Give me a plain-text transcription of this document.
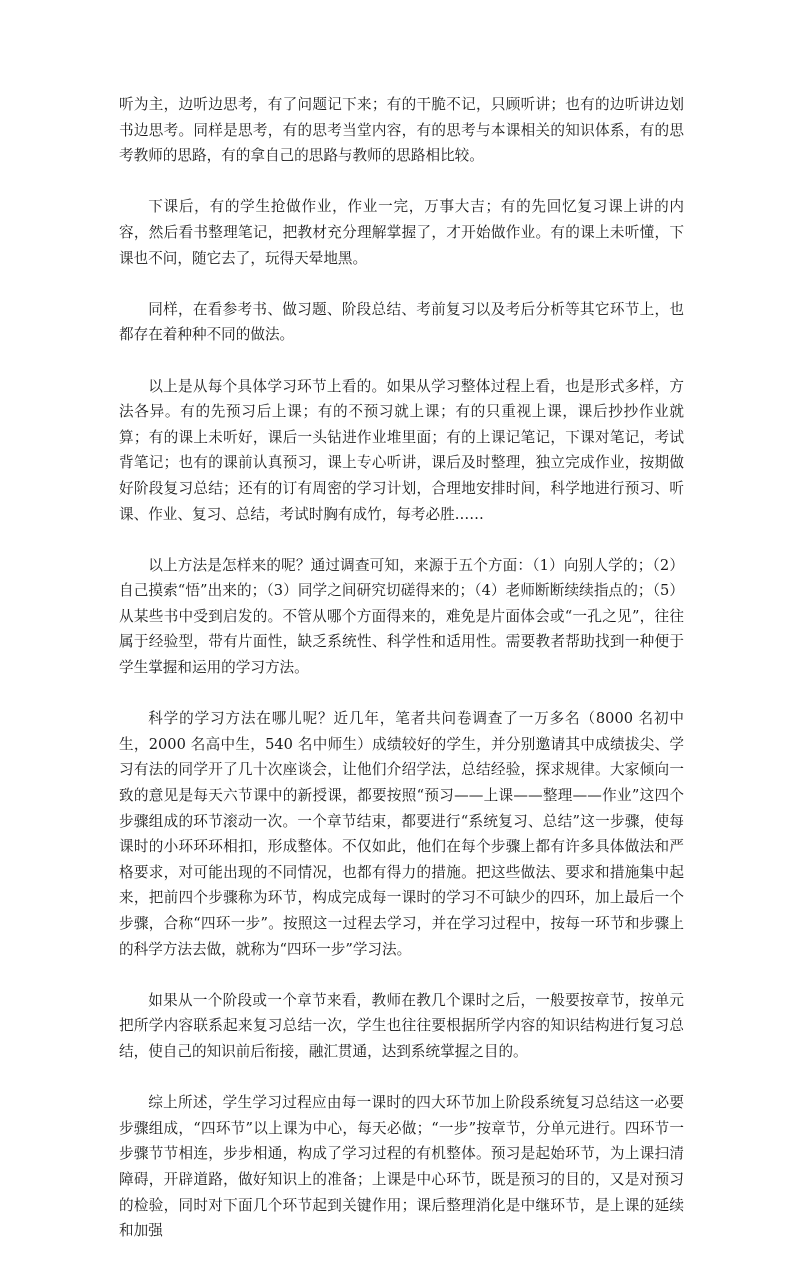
听为主，边听边思考，有了问题记下来；有的干脆不记，只顾听讲；也有的边听讲边划书边思考。同样是思考，有的思考当堂内容，有的思考与本课相关的知识体系，有的思考教师的思路，有的拿自己的思路与教师的思路相比较。

下课后，有的学生抢做作业，作业一完，万事大吉；有的先回忆复习课上讲的内容，然后看书整理笔记，把教材充分理解掌握了，才开始做作业。有的课上未听懂，下课也不问，随它去了，玩得天晕地黑。

同样，在看参考书、做习题、阶段总结、考前复习以及考后分析等其它环节上，也都存在着种种不同的做法。

以上是从每个具体学习环节上看的。如果从学习整体过程上看，也是形式多样，方法各异。有的先预习后上课；有的不预习就上课；有的只重视上课，课后抄抄作业就算；有的课上未听好，课后一头钻进作业堆里面；有的上课记笔记，下课对笔记，考试背笔记；也有的课前认真预习，课上专心听讲，课后及时整理，独立完成作业，按期做好阶段复习总结；还有的订有周密的学习计划，合理地安排时间，科学地进行预习、听课、作业、复习、总结，考试时胸有成竹，每考必胜……

以上方法是怎样来的呢？通过调查可知，来源于五个方面：（1）向别人学的；（2）自己摸索“悟”出来的；（3）同学之间研究切磋得来的；（4）老师断断续续指点的；（5）从某些书中受到启发的。不管从哪个方面得来的，难免是片面体会或“一孔之见”，往往属于经验型，带有片面性，缺乏系统性、科学性和适用性。需要教者帮助找到一种便于学生掌握和运用的学习方法。

科学的学习方法在哪儿呢？近几年，笔者共问卷调查了一万多名（8000 名初中生，2000 名高中生，540 名中师生）成绩较好的学生，并分别邀请其中成绩拔尖、学习有法的同学开了几十次座谈会，让他们介绍学法，总结经验，探求规律。大家倾向一致的意见是每天六节课中的新授课，都要按照“预习——上课——整理——作业”这四个步骤组成的环节滚动一次。一个章节结束，都要进行“系统复习、总结”这一步骤，使每课时的小环环环相扣，形成整体。不仅如此，他们在每个步骤上都有许多具体做法和严格要求，对可能出现的不同情况，也都有得力的措施。把这些做法、要求和措施集中起来，把前四个步骤称为环节，构成完成每一课时的学习不可缺少的四环，加上最后一个步骤，合称“四环一步”。按照这一过程去学习，并在学习过程中，按每一环节和步骤上的科学方法去做，就称为“四环一步”学习法。

如果从一个阶段或一个章节来看，教师在教几个课时之后，一般要按章节，按单元把所学内容联系起来复习总结一次，学生也往往要根据所学内容的知识结构进行复习总结，使自己的知识前后衔接，融汇贯通，达到系统掌握之目的。

综上所述，学生学习过程应由每一课时的四大环节加上阶段系统复习总结这一必要步骤组成，“四环节”以上课为中心，每天必做；“一步”按章节，分单元进行。四环节一步骤节节相连，步步相通，构成了学习过程的有机整体。预习是起始环节，为上课扫清障碍，开辟道路，做好知识上的准备；上课是中心环节，既是预习的目的，又是对预习的检验，同时对下面几个环节起到关键作用；课后整理消化是中继环节，是上课的延续和加强
